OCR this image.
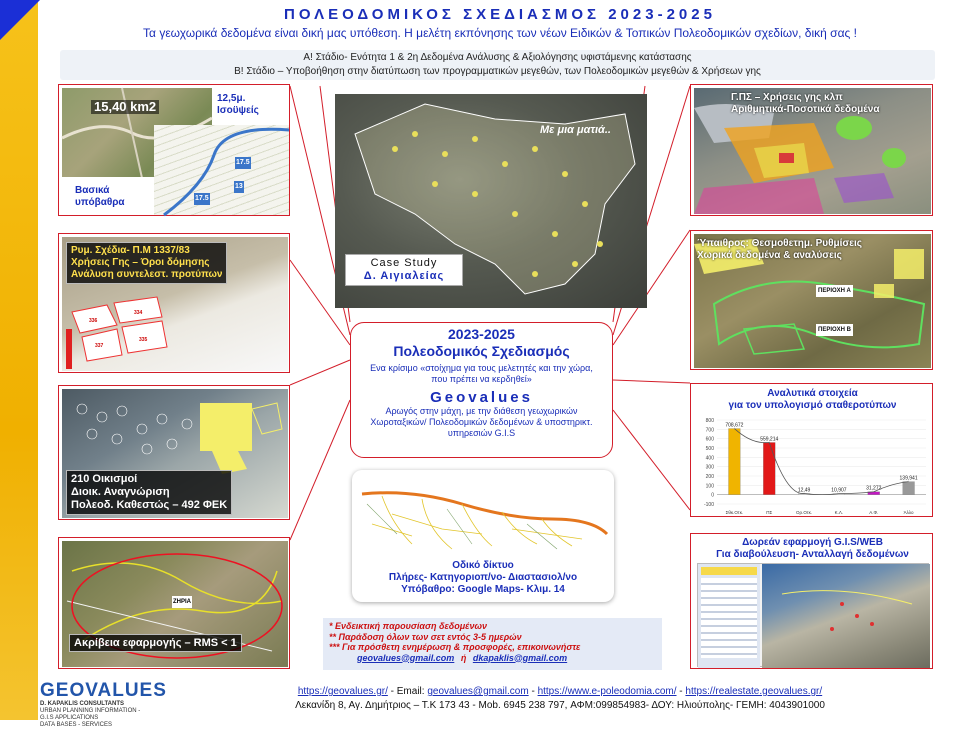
ΠΟΛΕΟΔΟΜΙΚΟΣ ΣΧΕΔΙΑΣΜΟΣ 2023-2025
Τα γεωχωρικά δεδομένα είναι δική μας υπόθεση. Η μελέτη εκπόνησης των νέων Ειδικών & Τοπικών Πολεοδομικών σχεδίων, δική σας !
Α! Στάδιο- Ενότητα 1 & 2η Δεδομένα Ανάλυσης & Αξιολόγησης υφιστάμενης κατάστασης
Β! Στάδιο – Υποβοήθηση στην διατύπωση των προγραμματικών μεγεθών, των Πολεοδομικών μεγεθών & Χρήσεων γης
15,40 km2
12,5μ.
Ισοϋψείς
17.5
13
17.5
Βασικά
υπόβαθρα
336
334
337
335
Ρυμ. Σχέδια- Π.Μ 1337/83
Χρήσεις Γης – Όροι δόμησης
Ανάλυση συντελεστ. προτύπων
210 Οικισμοί
Διοικ. Αναγνώριση
Πολεοδ. Καθεστώς – 492 ΦΕΚ
ΖΗΡΙΑ
Ακρίβεια εφαρμογής – RMS < 1
Με μια ματιά..
Case Study
Δ. Αιγιαλείας
2023-2025
Πολεοδομικός Σχεδιασμός
Ενα κρίσιμο «στοίχημα για τους μελετητές και την χώρα, που πρέπει να κερδηθεί»
Geovalues
Αρωγός στην μάχη, με την διάθεση γεωχωρικών Χωροταξικών/ Πολεοδομικών δεδομένων & υποστηρικτ. υπηρεσιών G.I.S
Οδικό δίκτυο
Πλήρες- Κατηγοριοπ/νο- Διαστασιολ/νο
Υπόβαθρο: Google Maps- Κλιμ. 14
* Ενδεικτική παρουσίαση δεδομένων
** Παράδοση όλων των σετ εντός 3-5 ημερών
*** Για πρόσθετη ενημέρωση & προσφορές, επικοινωνήστε
geovalues@gmail.com ή dkapaklis@gmail.com
Γ.ΠΣ – Χρήσεις γης κλπ
Αριθμητικά-Ποσοτικά δεδομένα
ΠΕΡΙΟΧΗ Α
ΠΕΡΙΟΧΗ Β
Ύπαιθρος: Θεσμοθετημ. Ρυθμίσεις
Χωρικά δεδομένα & αναλύσεις
Αναλυτικά στοιχεία
για τον υπολογισμό σταθεροτύπων
800
700
600
500
400
300
200
100
0
-100
708,672
Σθκ.Οτκ.
559,214
ΠΣ
12,49
Ορ.Οτκ.
10,907
Κ.Λ.
31,272
Α.Φ.
139,941
Άλλο
Δωρεάν εφαρμογή G.I.S/WEB
Για διαβούλευση- Ανταλλαγή δεδομένων
GEOVALUES
D. KAPAKLIS CONSULTANTS
URBAN PLANNING INFORMATION - G.I.S APPLICATIONS
DATA BASES - SERVICES
https://geovalues.gr/ - Email: geovalues@gmail.com - https://www.e-poleodomia.com/ - https://realestate.geovalues.gr/
Λεκανίδη 8, Αγ. Δημήτριος – Τ.Κ 173 43 - Mob. 6945 238 797, ΑΦΜ:099854983- ΔΟΥ: Ηλιούπολης- ΓΕΜΗ: 4043901000
